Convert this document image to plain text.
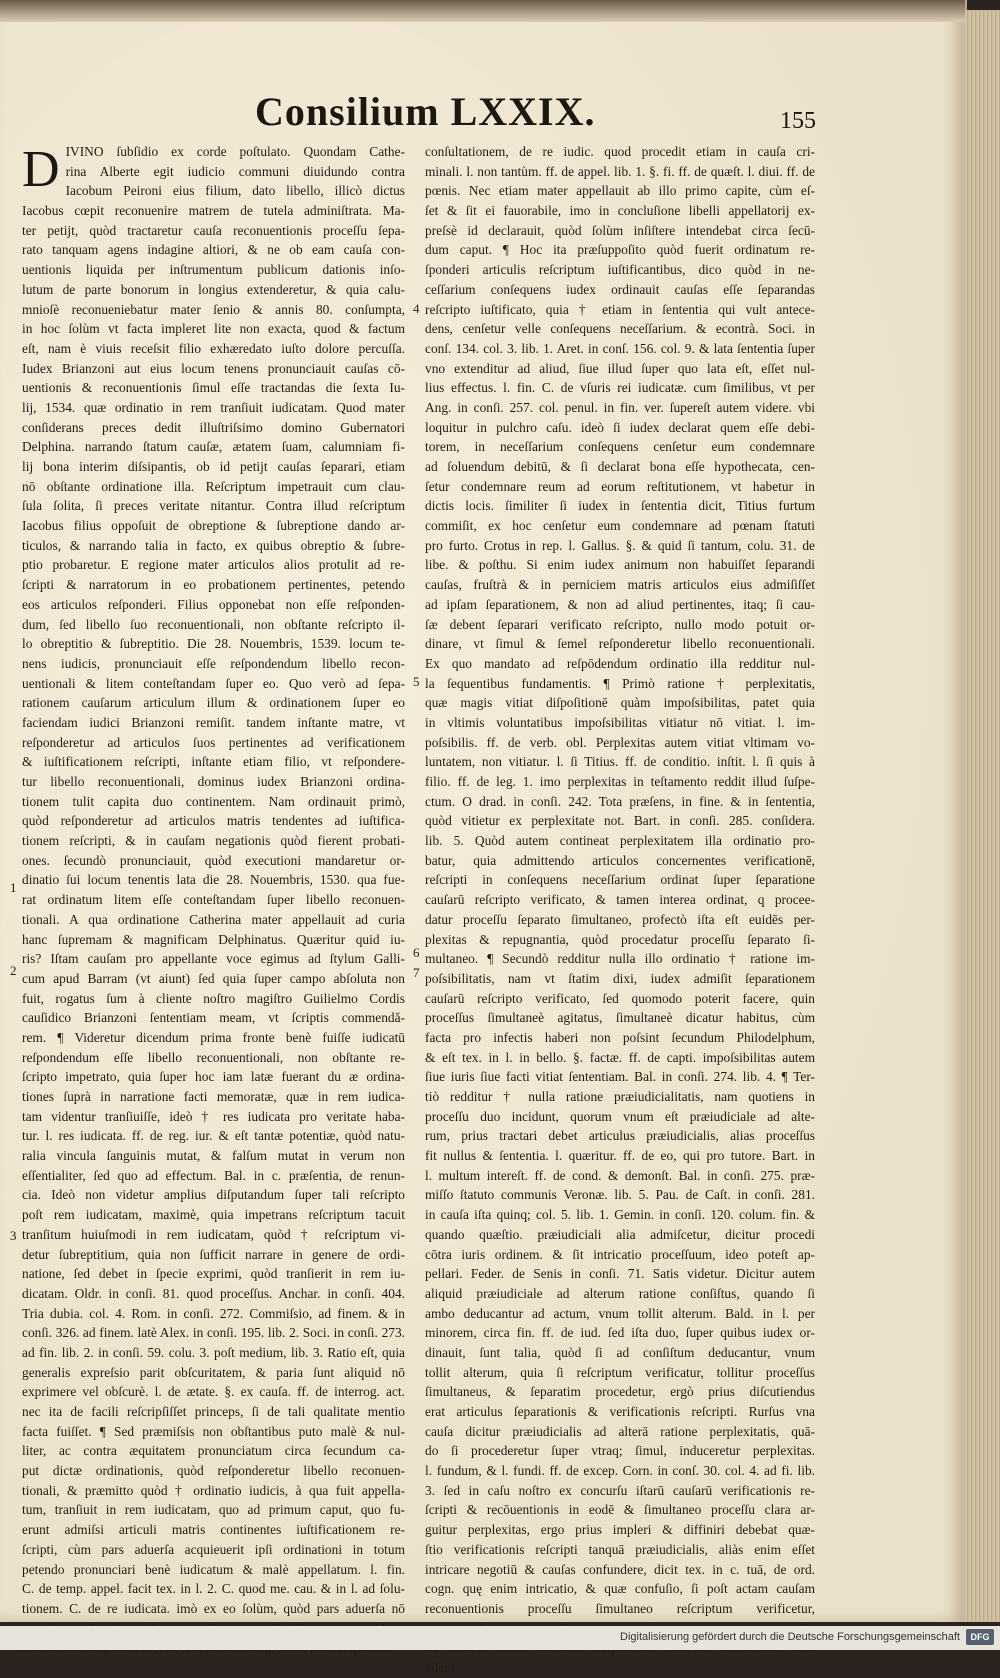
Consilium LXXIX.	155
D IVINO ſubſidio ex corde poſtulato. Quondam Cathe-
rina Alberte egit iudicio communi diuidundo contra
Iacobum Peironi eius filium, dato libello, illicò dictus
Iacobus cœpit reconuenire matrem de tutela adminiſtrata. Ma-
ter petijt, quòd tractaretur cauſa reconuentionis proceſſu ſepa-
rato tanquam agens indagine altiori, & ne ob eam cauſa con-
uentionis liquida per inſtrumentum publicum dationis inſo-
lutum de parte bonorum in longius extenderetur, & quia calu-
mnioſè reconueniebatur mater ſenio & annis 80. conſumpta,
in hoc ſolùm vt facta impleret lite non exacta, quod & factum
eſt, nam è viuis receſsit filio exhæredato iuſto dolore percuſſa.
Iudex Brianzoni aut eius locum tenens pronunciauit cauſas cō-
uentionis & reconuentionis ſimul eſſe tractandas die ſexta Iu-
lij, 1534. quæ ordinatio in rem tranſiuit iudicatam. Quod mater
conſiderans preces dedit illuſtriſsimo domino Gubernatori
Delphina. narrando ſtatum cauſæ, ætatem ſuam, calumniam fi-
lij bona interim diſsipantis, ob id petijt cauſas ſeparari, etiam
nō obſtante ordinatione illa. Reſcriptum impetrauit cum clau-
ſula ſolita, ſi preces veritate nitantur. Contra illud reſcriptum
Iacobus filius oppoſuit de obreptione & ſubreptione dando ar-
ticulos, & narrando talia in facto, ex quibus obreptio & ſubre-
ptio probaretur. E regione mater articulos alios protulit ad re-
ſcripti & narratorum in eo probationem pertinentes, petendo
eos articulos reſponderi. Filius opponebat non eſſe reſponden-
dum, ſed libello ſuo reconuentionali, non obſtante reſcripto il-
lo obreptitio & ſubreptitio. Die 28. Nouembris, 1539. locum te-
nens iudicis, pronunciauit eſſe reſpondendum libello recon-
uentionali & litem conteſtandam ſuper eo. Quo verò ad ſepa-
rationem cauſarum articulum illum & ordinationem ſuper eo
faciendam iudici Brianzoni remiſit. tandem inſtante matre, vt
reſponderetur ad articulos ſuos pertinentes ad verificationem
& iuſtificationem reſcripti, inſtante etiam filio, vt reſpondere-
tur libello reconuentionali, dominus iudex Brianzoni ordina-
tionem tulit capita duo continentem. Nam ordinauit primò,
quòd reſponderetur ad articulos matris tendentes ad iuſtifica-
tionem reſcripti, & in cauſam negationis quòd fierent probati-
ones. ſecundò pronunciauit, quòd executioni mandaretur or-
dinatio ſui locum tenentis lata die 28. Nouembris, 1530. qua fue-
rat ordinatum litem eſſe conteſtandam ſuper libello reconuen-
tionali. A qua ordinatione Catherina mater appellauit ad curia
hanc ſupremam & magnificam Delphinatus. Quæritur quid iu-
ris? Iſtam cauſam pro appellante voce egimus ad ſtylum Galli-
cum apud Barram (vt aiunt) ſed quia ſuper campo abſoluta non
fuit, rogatus ſum à cliente noſtro magiſtro Guilielmo Cordis
cauſidico Brianzoni ſententiam meam, vt ſcriptis commendă-
rem. ¶ Videretur dicendum prima fronte benè fuiſſe iudicatū
reſpondendum eſſe libello reconuentionali, non obſtante re-
ſcripto impetrato, quia ſuper hoc iam latæ fuerant du æ ordina-
tiones ſuprà in narratione facti memoratæ, quæ in rem iudica-
tam videntur tranſiuiſſe, ideò † res iudicata pro veritate haba-
tur. l. res iudicata. ff. de reg. iur. & eſt tantæ potentiæ, quòd natu-
ralia vincula ſanguinis mutat, & falſum mutat in verum non
eſſentialiter, ſed quo ad effectum. Bal. in c. præſentia, de renun-
cia. Ideò non videtur amplius diſputandum ſuper tali reſcripto
poſt rem iudicatam, maximè, quia impetrans reſcriptum tacuit
tranſitum huiuſmodi in rem iudicatam, quòd † reſcriptum vi-
detur ſubreptitium, quia non ſufficit narrare in genere de ordi-
natione, ſed debet in ſpecie exprimi, quòd tranſierit in rem iu-
dicatam. Oldr. in conſi. 81. quod proceſſus. Anchar. in conſi. 404.
Tria dubia. col. 4. Rom. in conſi. 272. Commiſsio, ad finem. & in
conſi. 326. ad finem. latè Alex. in conſi. 195. lib. 2. Soci. in conſi. 273.
ad fin. lib. 2. in conſi. 59. colu. 3. poſt medium, lib. 3. Ratio eſt, quia
generalis expreſsio parit obſcuritatem, & paria ſunt aliquid nō
exprimere vel obſcurè. l. de ætate. §. ex cauſa. ff. de interrog. act.
nec ita de facili reſcripſiſſet princeps, ſi de tali qualitate mentio
facta fuiſſet. ¶ Sed præmiſsis non obſtantibus puto malè & nul-
liter, ac contra æquitatem pronunciatum circa ſecundum ca-
put dictæ ordinationis, quòd reſponderetur libello reconuen-
tionali, & præmitto quòd † ordinatio iudicis, à qua fuit appella-
tum, tranſiuit in rem iudicatam, quo ad primum caput, quo fu-
erunt admiſsi articuli matris continentes iuſtificationem re-
ſcripti, cùm pars aduerſa acquieuerit ipſi ordinationi in totum
petendo pronunciari benè iudicatum & malè appellatum. l. fin.
C. de temp. appel. facit tex. in l. 2. C. quod me. cau. & in l. ad ſolu-
tionem. C. de re iudicata. imò ex eo ſolùm, quòd pars aduerſa nō
conſultationem, de re iudic. quod procedit etiam in cauſa cri-
minali. l. non tantùm. ff. de appel. lib. 1. §. fi. ff. de quæſt. l. diui. ff. de
pœnis. Nec etiam mater appellauit ab illo primo capite, cùm eſ-
ſet & ſit ei fauorabile, imo in concluſione libelli appellatorij ex-
preſsè id declarauit, quòd ſolùm inſiſtere intendebat circa ſecū-
dum caput. ¶ Hoc ita præſuppoſito quòd fuerit ordinatum re-
ſponderi articulis reſcriptum iuſtificantibus, dico quòd in ne-
ceſſarium conſequens iudex ordinauit cauſas eſſe ſeparandas
reſcripto iuſtificato, quia † etiam in ſententia qui vult antece-
dens, cenſetur velle conſequens neceſſarium. & econtrà. Soci. in
conſ. 134. col. 3. lib. 1. Aret. in conſ. 156. col. 9. & lata ſententia ſuper
vno extenditur ad aliud, ſiue illud ſuper quo lata eſt, eſſet nul-
lius effectus. l. fin. C. de vſuris rei iudicatæ. cum ſimilibus, vt per
Ang. in conſi. 257. col. penul. in fin. ver. ſupereſt autem videre. vbi
loquitur in pulchro caſu. ideò ſi iudex declarat quem eſſe debi-
torem, in neceſſarium conſequens cenſetur eum condemnare
ad ſoluendum debitū, & ſi declarat bona eſſe hypothecata, cen-
ſetur condemnare reum ad eorum reſtitutionem, vt habetur in
dictis locis. ſimiliter ſi iudex in ſententia dicit, Titius furtum
commiſit, ex hoc cenſetur eum condemnare ad pœnam ſtatuti
pro furto. Crotus in rep. l. Gallus. §. & quid ſi tantum, colu. 31. de
libe. & poſthu. Si enim iudex animum non habuiſſet ſeparandi
cauſas, fruſtrà & in perniciem matris articulos eius admiſiſſet
ad ipſam ſeparationem, & non ad aliud pertinentes, itaq; ſi cau-
ſæ debent ſeparari verificato reſcripto, nullo modo potuit or-
dinare, vt ſimul & ſemel reſponderetur libello reconuentionali.
Ex quo mandato ad reſpōdendum ordinatio illa redditur nul-
la ſequentibus fundamentis. ¶ Primò ratione † perplexitatis,
quæ magis vitiat diſpoſitionē quàm impoſsibilitas, patet quia
in vltimis voluntatibus impoſsibilitas vitiatur nō vitiat. l. im-
poſsibilis. ff. de verb. obl. Perplexitas autem vitiat vltimam vo-
luntatem, non vitiatur. l. ſi Titius. ff. de conditio. inſtit. l. ſi quis à
filio. ff. de leg. 1. imo perplexitas in teſtamento reddit illud ſuſpe-
ctum. O drad. in conſi. 242. Tota præſens, in fine. & in ſententia,
quòd vitietur ex perplexitate not. Bart. in conſi. 285. conſidera.
lib. 5. Quòd autem contineat perplexitatem illa ordinatio pro-
batur, quia admittendo articulos concernentes verificationē,
reſcripti in conſequens neceſſarium ordinat ſuper ſeparatione
cauſarū reſcripto verificato, & tamen interea ordinat, q procee-
datur proceſſu ſeparato ſimultaneo, profectò iſta eſt euidēs per-
plexitas & repugnantia, quòd procedatur proceſſu ſeparato ſi-
multaneo. ¶ Secundò redditur nulla illo ordinatio † ratione im-
poſsibilitatis, nam vt ſtatim dixi, iudex admiſit ſeparationem
cauſarū reſcripto verificato, ſed quomodo poterit facere, quin
proceſſus ſimultaneè agitatus, ſimultaneè dicatur habitus, cùm
facta pro infectis haberi non poſsint ſecundum Philodelphum,
& eſt tex. in l. in bello. §. factæ. ff. de capti. impoſsibilitas autem
ſiue iuris ſiue facti vitiat ſententiam. Bal. in conſi. 274. lib. 4. ¶ Ter-
tiò redditur † nulla ratione præiudicialitatis, nam quotiens in
proceſſu duo incidunt, quorum vnum eſt præiudiciale ad alte-
rum, prius tractari debet articulus præiudicialis, alias proceſſus
fit nullus & ſententia. l. quæritur. ff. de eo, qui pro tutore. Bart. in
l. multum intereſt. ff. de cond. & demonſt. Bal. in conſi. 275. præ-
miſſo ſtatuto communis Veronæ. lib. 5. Pau. de Caſt. in conſi. 281.
in cauſa iſta quinq; col. 5. lib. 1. Gemin. in conſi. 120. colum. fin. &
quando quæſtio. præiudiciali alia admiſcetur, dicitur procedi
cōtra iuris ordinem. & ſit intricatio proceſſuum, ideo poteſt ap-
pellari. Feder. de Senis in conſi. 71. Satis videtur. Dicitur autem
aliquid præiudiciale ad alterum ratione conſiſtus, quando ſi
ambo deducantur ad actum, vnum tollit alterum. Bald. in l. per
minorem, circa fin. ff. de iud. ſed iſta duo, ſuper quibus iudex or-
dinauit, ſunt talia, quòd ſi ad conſiſtum deducantur, vnum
tollit alterum, quia ſi reſcriptum verificatur, tollitur proceſſus
ſimultaneus, & ſeparatim procedetur, ergò prius diſcutiendus
erat articulus ſeparationis & verificationis reſcripti. Rurſus vna
cauſa dicitur præiudicialis ad alterā ratione perplexitatis, quā-
do ſi procederetur ſuper vtraq; ſimul, induceretur perplexitas.
l. fundum, & l. fundi. ff. de excep. Corn. in conſ. 30. col. 4. ad fi. lib.
3. ſed in caſu noſtro ex concurſu iſtarū cauſarū verificationis re-
ſcripti & recōuentionis in eodē & ſimultaneo proceſſu clara ar-
guitur perplexitas, ergo prius impleri & diffiniri debebat quæ-
ſtio verificationis reſcripti tanquā præiudicialis, aliàs enim eſſet
intricare negotiū & cauſas confundere, dicit tex. in c. tuā, de ord.
cogn. quę enim intricatio, & quæ confuſio, ſi poſt actam cauſam
reconuentionis proceſſu ſimultaneo reſcriptum verificetur,
eſſent
1
2
3
4
5
6
7
Digitalisierung gefördert durch die Deutsche Forschungsgemeinschaft	DFG
